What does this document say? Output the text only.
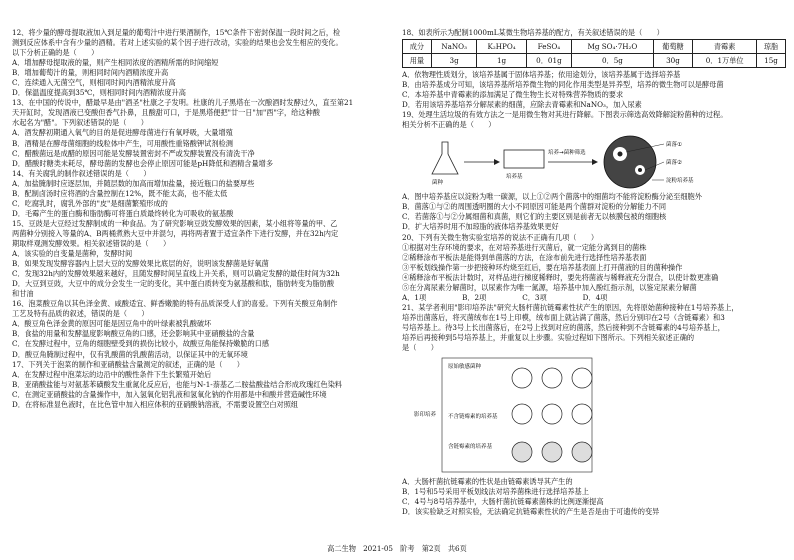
12、将少量的酵母提取液加入到足量的葡萄汁中进行果酒制作，15℃条件下密封保温一段时间之后，检

测到反应体系中含有少量的酒精。若对上述实验的某个因子进行改动，实验的结果也会发生相应的变化。

以下分析正确的是（　　）

A．增加酵母提取液的量，则产生相同浓度的酒精所需的时间缩短

B．增加葡萄汁的量，则相同时间内酒精浓度升高

C．连续通入无菌空气，则相同时间内酒精浓度升高

D．保温温度提高到35℃，则相同时间内酒精浓度升高

13、在中国的传说中，醋最早是由"酒圣"杜康之子发明。杜康的儿子黑塔在一次酿酒时发酵过久，直至第21

天开缸时，发现酒液已变酸但香气扑鼻，且酸甜可口，于是黑塔便把"廿一日"加"酉"字，给这种酸

水起名为"醋"。下列叙述错误的是（　　）

A．酒发酵初期通入氧气的目的是促进酵母菌进行有氧呼吸，大量增殖

B．酒精是在酵母菌细胞的线粒体中产生，可用酸性重铬酸钾试剂检测

C．醋酸菌远是成醋的原因可能是发酵装置密封不严或发酵装置没有清洗干净

D．醋酸时糖类未耗尽，酵母菌的发酵也会停止原因可能是pH降低和酒精含量增多

14、有关腐乳的制作叙述错误的是（　　）

A．加盐腌制时应逐层加，并随层数的加高而增加盐量，接近瓶口的盐要厚些

B．配制卤汤时应将酒的含量控制在12%，既不能太高，也不能太低

C．吃腐乳时，腐乳外部的"皮"是细菌繁殖形成的

D．毛霉产生的蛋白酶和脂肪酶可将蛋白质最终转化为可吸收的氨基酸

15、豆豉是大豆经过发酵制成的一种食品。为了研究影响豆豉发酵效果的因素，某小组将等量的甲、乙

两菌种分别接入等量的A、B两桶煮熟大豆中并混匀，再将两者置于适宜条件下进行发酵，并在32h内定

期取样观测发酵效果。相关叙述错误的是（　　）

A．该实验的自变量是菌种，发酵时间

B．如果发现发酵容器内上层大豆的发酵效果比底层的好，说明该发酵菌是好氧菌

C．发现32h内的发酵效果越来越好，且随发酵时间呈直线上升关系，则可以确定发酵的最佳时间为32h

D．大豆到豆豉，大豆中的成分会发生一定的变化，其中蛋白质转变为氨基酸和肽，脂肪转变为脂肪酸

和甘油

16、泡菜酸豆角以其色泽金黄、咸酸适宜、鲜香嫩脆的特有品质深受人们的喜爱。下列有关酸豆角制作

工艺及特有品质的叙述，错误的是（　　）

A．酸豆角色泽金黄的原因可能是因豆角中的叶绿素被乳酸破坏

B．食盐的用量和发酵温度影响酸豆角的口感，还会影响其中亚硝酸盐的含量

C．在发酵过程中，豆角的细胞壁受到的损伤比较小，故酸豆角能保持嫩脆的口感

D．酸豆角腌制过程中，仅有乳酸菌的乳酸菌活动，以保证其中的无氧环境

17、下列关于泡菜的制作和亚硝酸盐含量测定的叙述，正确的是（　　）

A．在发酵过程中泡菜坛的边沿中的酸性条件下生长繁殖开始后

B．亚硝酸盐能与对氨基苯磺酸发生重氮化反应后，也能与N-1-萘基乙二胺盐酸盐结合形成玫瑰红色染料

C．在测定亚硝酸盐的含量操作中，加入氢氧化铝乳液和氢氧化钠的作用都是中和酸并营造碱性环境

D．在将标准显色液时，在比色管中加入相应体积的亚硝酸钠溶液，不需要设置空白对照组

18、如表所示为配制1000mL某微生物培养基的配方，有关叙述错误的是（　　）

成分	NaNO₃	K₂HPO₄	FeSO₄	Mg SO₄·7H₂O	葡萄糖	青霉素	琼脂
用量	3g	1g	0．01g	0．5g	30g	0．1万单位	15g

A．依物理性质划分，该培养基属于固体培养基；依用途划分，该培养基属于选择培养基

B．由培养基成分可知，该培养基所培养微生物的同化作用类型是异养型，培养的微生物可以是酵母菌

C．本培养基中青霉素的添加满足了微生物生长对特殊营养物质的要求

D．若用该培养基培养分解尿素的细菌，应除去青霉素和NaNO₃，加入尿素

19、处理生活垃圾的有效方法之一是用微生物对其进行降解。下图表示筛选高效降解淀粉菌种的过程。

相关分析不正确的是（　　）

菌种
培养基
培养→菌种筛选
菌落①
菌落②
淀粉培养基

A．图中培养基应以淀粉为唯一碳源，以上①②两个菌落中的细菌均不能将淀粉酶分泌至细胞外

B．菌落①与②的周围透明圈的大小不同原因可能是两个菌群对淀粉的分解能力不同

C．若菌落①与②分属细菌和真菌，则它们的主要区别是前者无以核膜包被的细胞核

D．扩大培养时用不加琼脂的液体培养基效果更好

20、下列有关微生物实验室培养的说法不正确有几项（　　）

①根据对生存环境的要求，在对培养基进行灭菌后，就一定能分离到目的菌株

②稀释涂布平板法是能得到单菌落的方法，在涂布前先进行选择性培养基表面

③平板划线操作第一步把接种环灼烧至红后，要在培养基表面上打开菌液的目的菌种操作

④稀释涂布平板法计数时，对样品进行梯度稀释时，要先将菌液与稀释液充分混合，以使计数更准确

⑤在分离尿素分解菌时，以尿素作为唯一氮源，培养基中加入酚红指示剂，以鉴定尿素分解菌

A．1项　　　　　B．2项　　　　　C．3项　　　　　D．4项

21、某学者利用"影印培养法"研究大肠杆菌抗链霉素性状产生的原因，先将原始菌种接种在1号培养基上，

培养出菌落后，将灭菌绒布在1号上印模，绒布面上就沾满了菌落，然后分别印在2号（含链霉素）和3

号培养基上。待3号上长出菌落后，在2号上找到对应的菌落，然后接种到不含链霉素的4号培养基上，

培养后再接种到5号培养基上，并重复以上步骤。实验过程如下图所示。下列相关叙述正确的

是（　　）

原始敏感菌种
不含链霉素的培养基
含链霉素的培养基
影印培养

A．大肠杆菌抗链霉素的性状是由链霉素诱导其产生的

B．1号和5号采用平板划线法对培养菌株进行选择培养基上

C．4号与8号培养基中，大肠杆菌抗链霉素菌株的比例逐渐提高

D．该实验缺乏对照实验，无法确定抗链霉素性状的产生是否是由于可遗传的变异

高二生物　2021-05　阶考　第2页　共6页
